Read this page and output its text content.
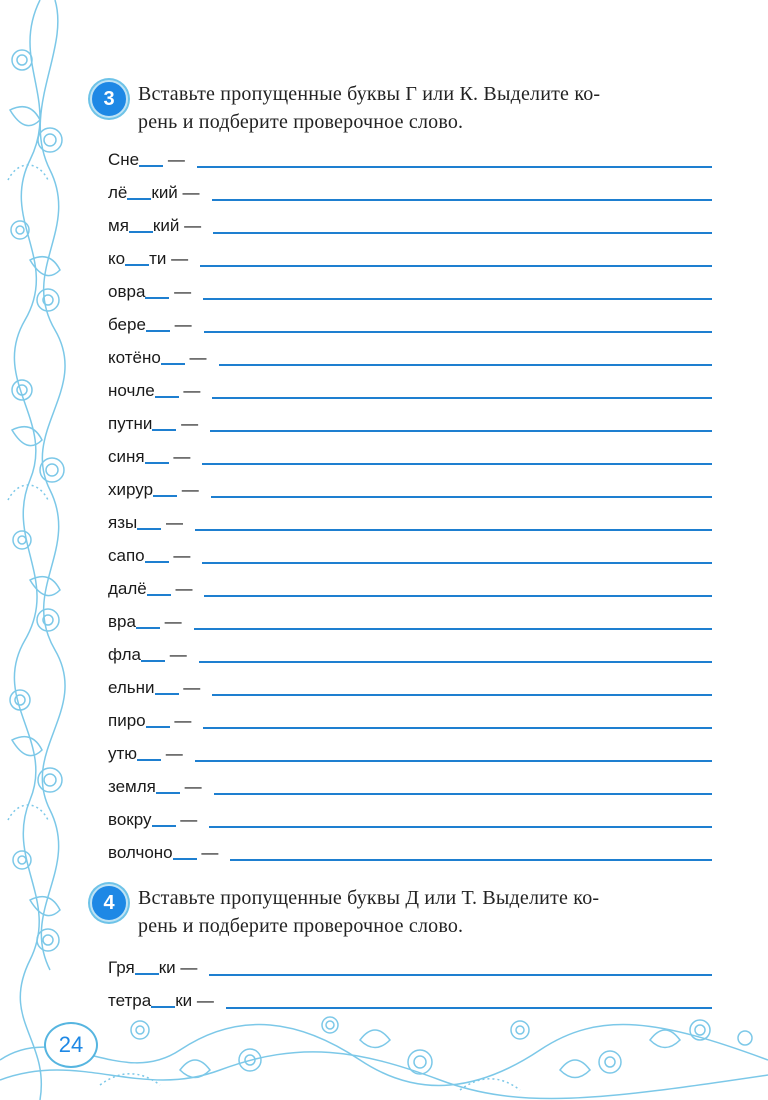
3	Вставьте пропущенные буквы Г или К. Выделите ко-
рень и подберите проверочное слово.
Сне —
лё кий —
мя кий —
ко ти —
овра —
бере —
котёно —
ночле —
путни —
синя —
хирур —
язы —
сапо —
далё —
вра —
фла —
ельни —
пиро —
утю —
земля —
вокру —
волчоно —
4	Вставьте пропущенные буквы Д или Т. Выделите ко-
рень и подберите проверочное слово.
Гря ки —
тетра ки —
24
